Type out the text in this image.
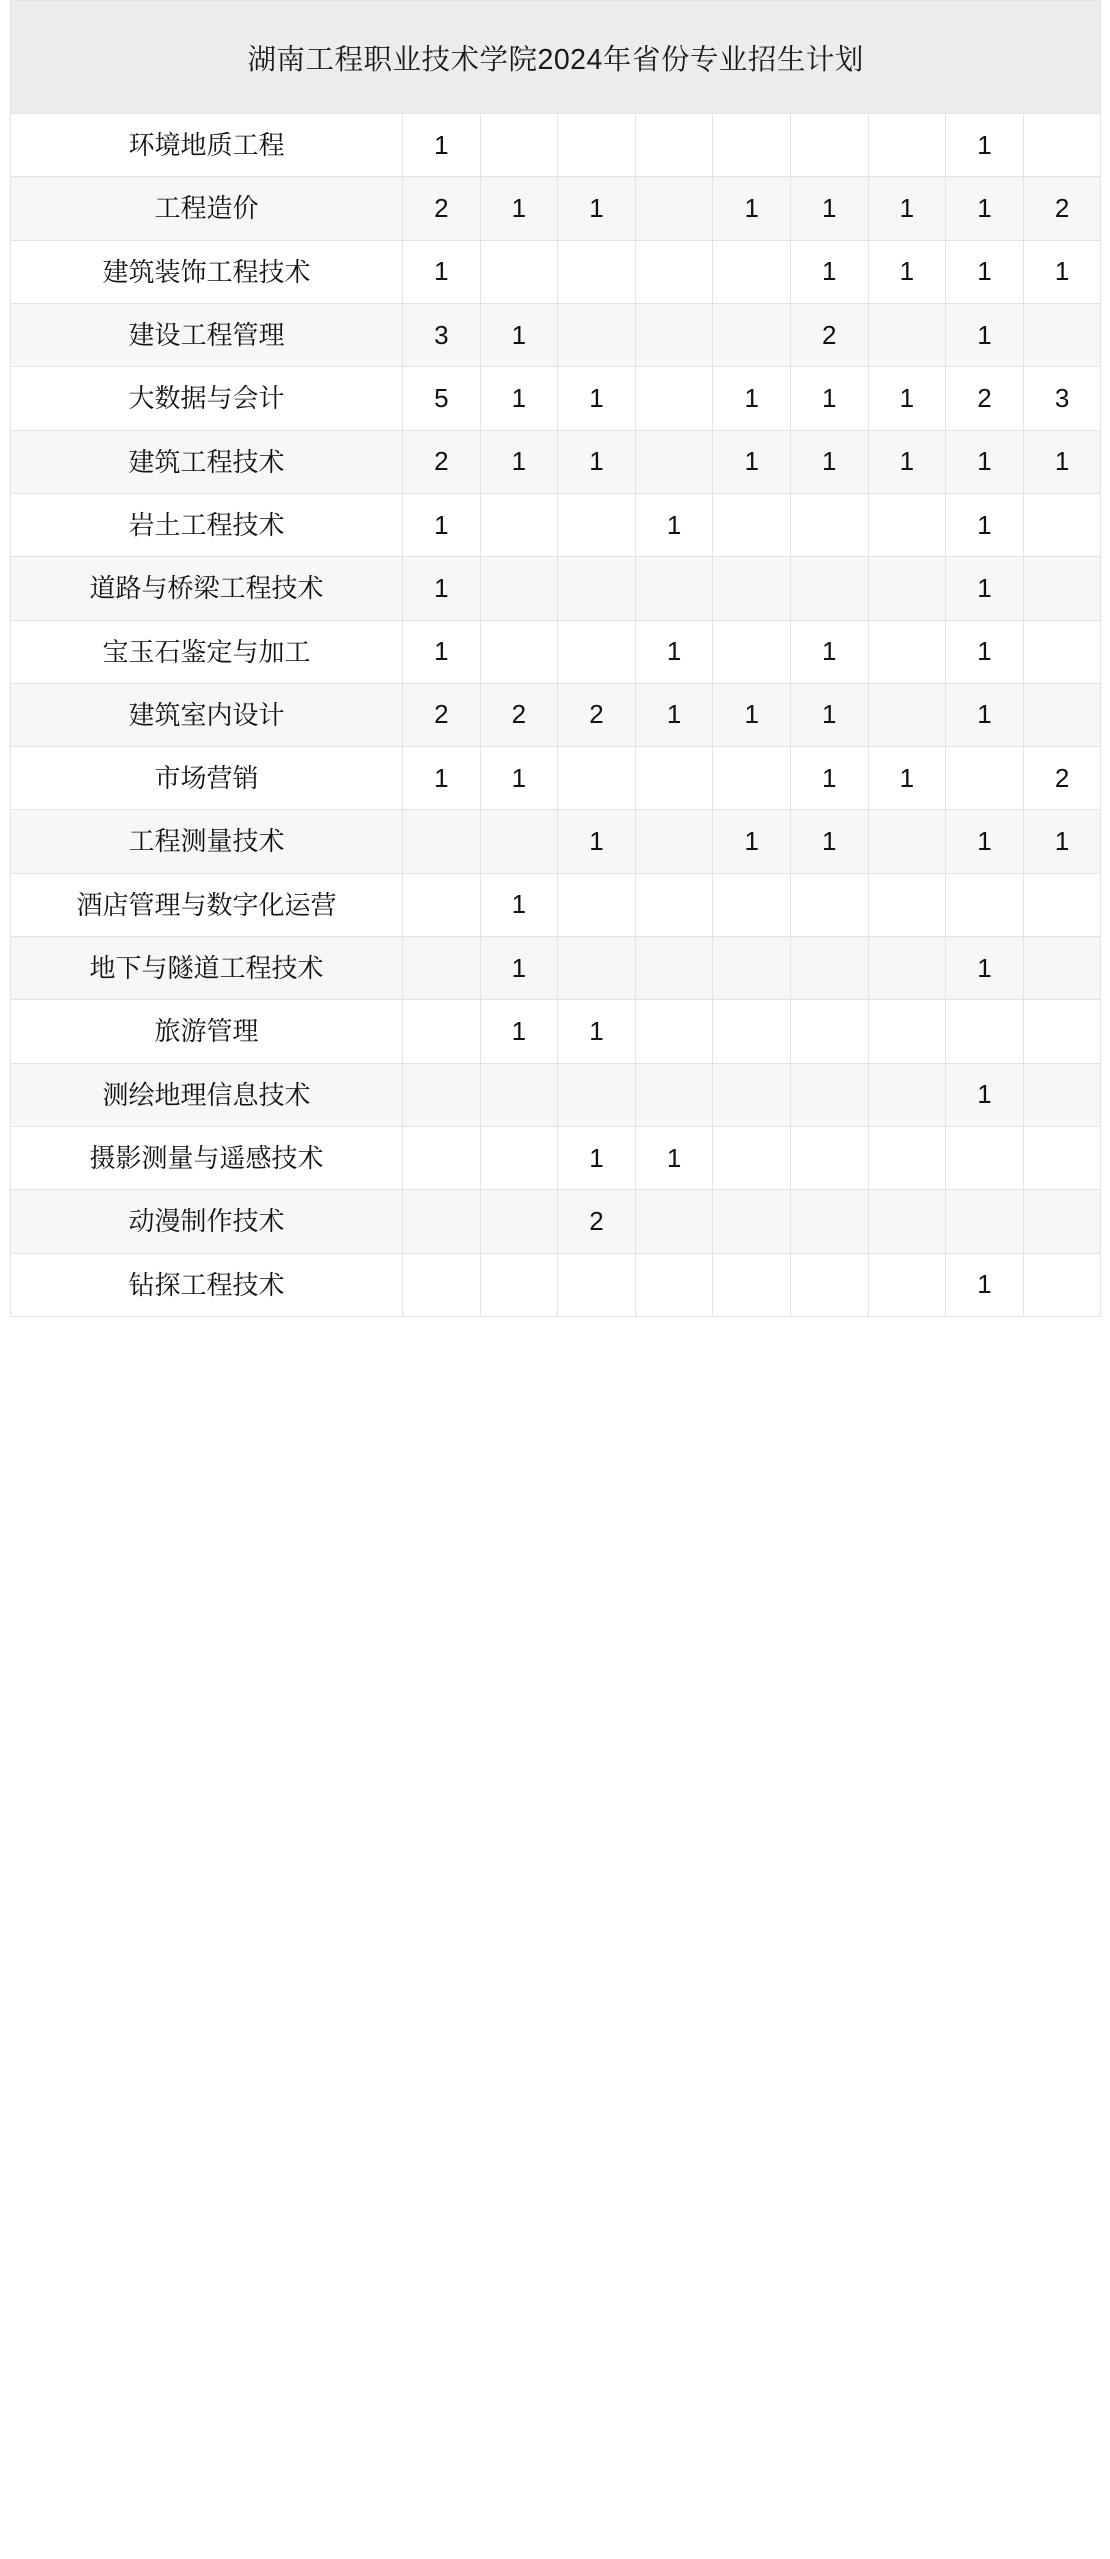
湖南工程职业技术学院2024年省份专业招生计划									
环境地质工程	1							1	
工程造价	2	1	1		1	1	1	1	2
建筑装饰工程技术	1					1	1	1	1
建设工程管理	3	1				2		1	
大数据与会计	5	1	1		1	1	1	2	3
建筑工程技术	2	1	1		1	1	1	1	1
岩土工程技术	1			1				1	
道路与桥梁工程技术	1							1	
宝玉石鉴定与加工	1			1		1		1	
建筑室内设计	2	2	2	1	1	1		1	
市场营销	1	1				1	1		2
工程测量技术			1		1	1		1	1
酒店管理与数字化运营		1							
地下与隧道工程技术		1						1	
旅游管理		1	1						
测绘地理信息技术								1	
摄影测量与遥感技术			1	1					
动漫制作技术			2						
钻探工程技术								1	
